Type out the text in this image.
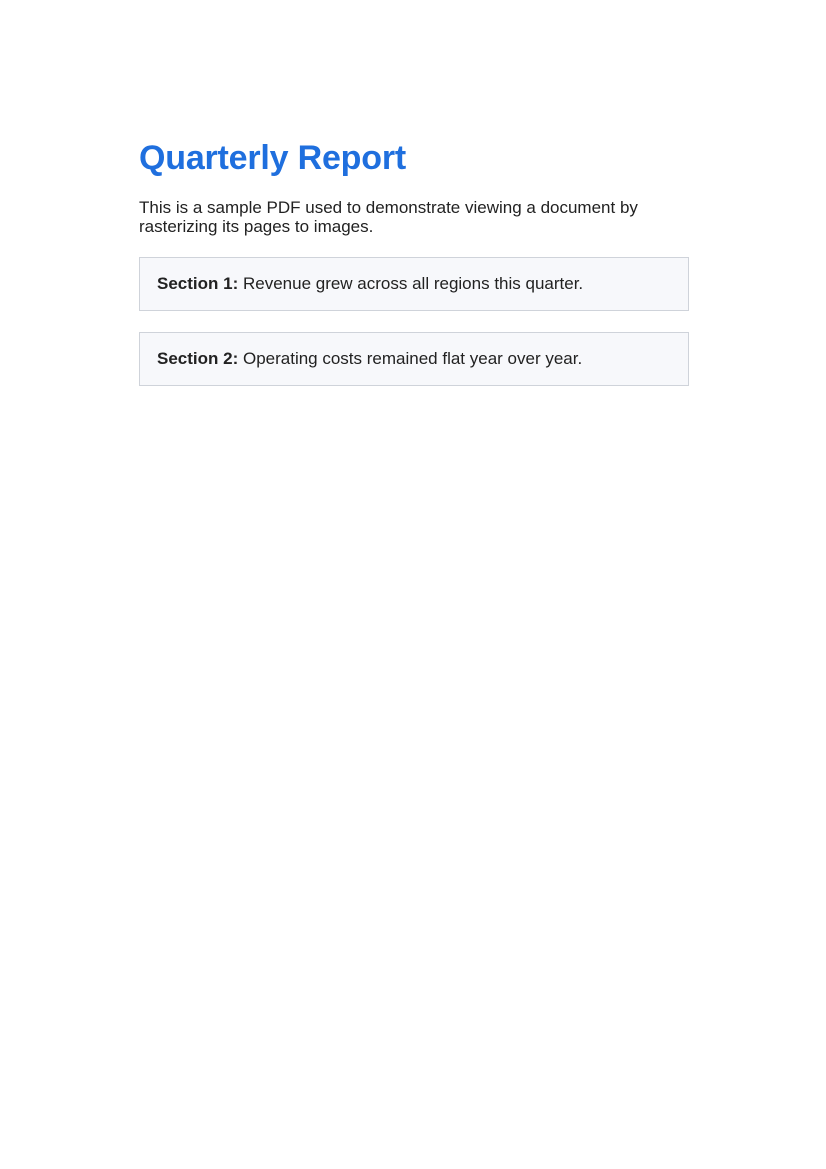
Quarterly Report

This is a sample PDF used to demonstrate viewing a document by rasterizing its pages to images.

Section 1: Revenue grew across all regions this quarter.
Section 2: Operating costs remained flat year over year.
